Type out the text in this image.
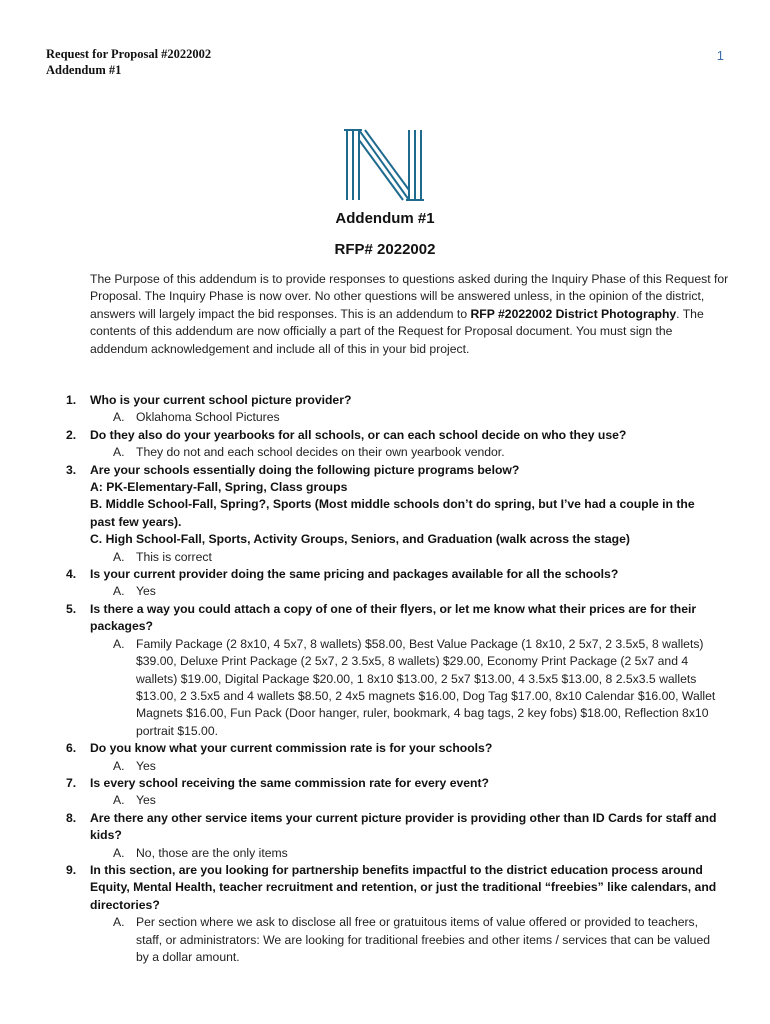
Request for Proposal #2022002
Addendum #1
1
Addendum #1
RFP# 2022002
The Purpose of this addendum is to provide responses to questions asked during the Inquiry Phase of this Request for Proposal. The Inquiry Phase is now over. No other questions will be answered unless, in the opinion of the district, answers will largely impact the bid responses. This is an addendum to RFP #2022002 District Photography. The contents of this addendum are now officially a part of the Request for Proposal document. You must sign the addendum acknowledgement and include all of this in your bid project.
1. Who is your current school picture provider?
A. Oklahoma School Pictures
2. Do they also do your yearbooks for all schools, or can each school decide on who they use?
A. They do not and each school decides on their own yearbook vendor.
3. Are your schools essentially doing the following picture programs below?
A: PK-Elementary-Fall, Spring, Class groups
B. Middle School-Fall, Spring?, Sports (Most middle schools don’t do spring, but I’ve had a couple in the past few years).
C. High School-Fall, Sports, Activity Groups, Seniors, and Graduation (walk across the stage)
A. This is correct
4. Is your current provider doing the same pricing and packages available for all the schools?
A. Yes
5. Is there a way you could attach a copy of one of their flyers, or let me know what their prices are for their packages?
A. Family Package (2 8x10, 4 5x7, 8 wallets) $58.00, Best Value Package (1 8x10, 2 5x7, 2 3.5x5, 8 wallets) $39.00, Deluxe Print Package (2 5x7, 2 3.5x5, 8 wallets) $29.00, Economy Print Package (2 5x7 and 4 wallets) $19.00, Digital Package $20.00, 1 8x10 $13.00, 2 5x7 $13.00, 4 3.5x5 $13.00, 8 2.5x3.5 wallets $13.00, 2 3.5x5 and 4 wallets $8.50, 2 4x5 magnets $16.00, Dog Tag $17.00, 8x10 Calendar $16.00, Wallet Magnets $16.00, Fun Pack (Door hanger, ruler, bookmark, 4 bag tags, 2 key fobs) $18.00, Reflection 8x10 portrait $15.00.
6. Do you know what your current commission rate is for your schools?
A. Yes
7. Is every school receiving the same commission rate for every event?
A. Yes
8. Are there any other service items your current picture provider is providing other than ID Cards for staff and kids?
A. No, those are the only items
9. In this section, are you looking for partnership benefits impactful to the district education process around Equity, Mental Health, teacher recruitment and retention, or just the traditional “freebies” like calendars, and directories?
A. Per section where we ask to disclose all free or gratuitous items of value offered or provided to teachers, staff, or administrators: We are looking for traditional freebies and other items / services that can be valued by a dollar amount.
